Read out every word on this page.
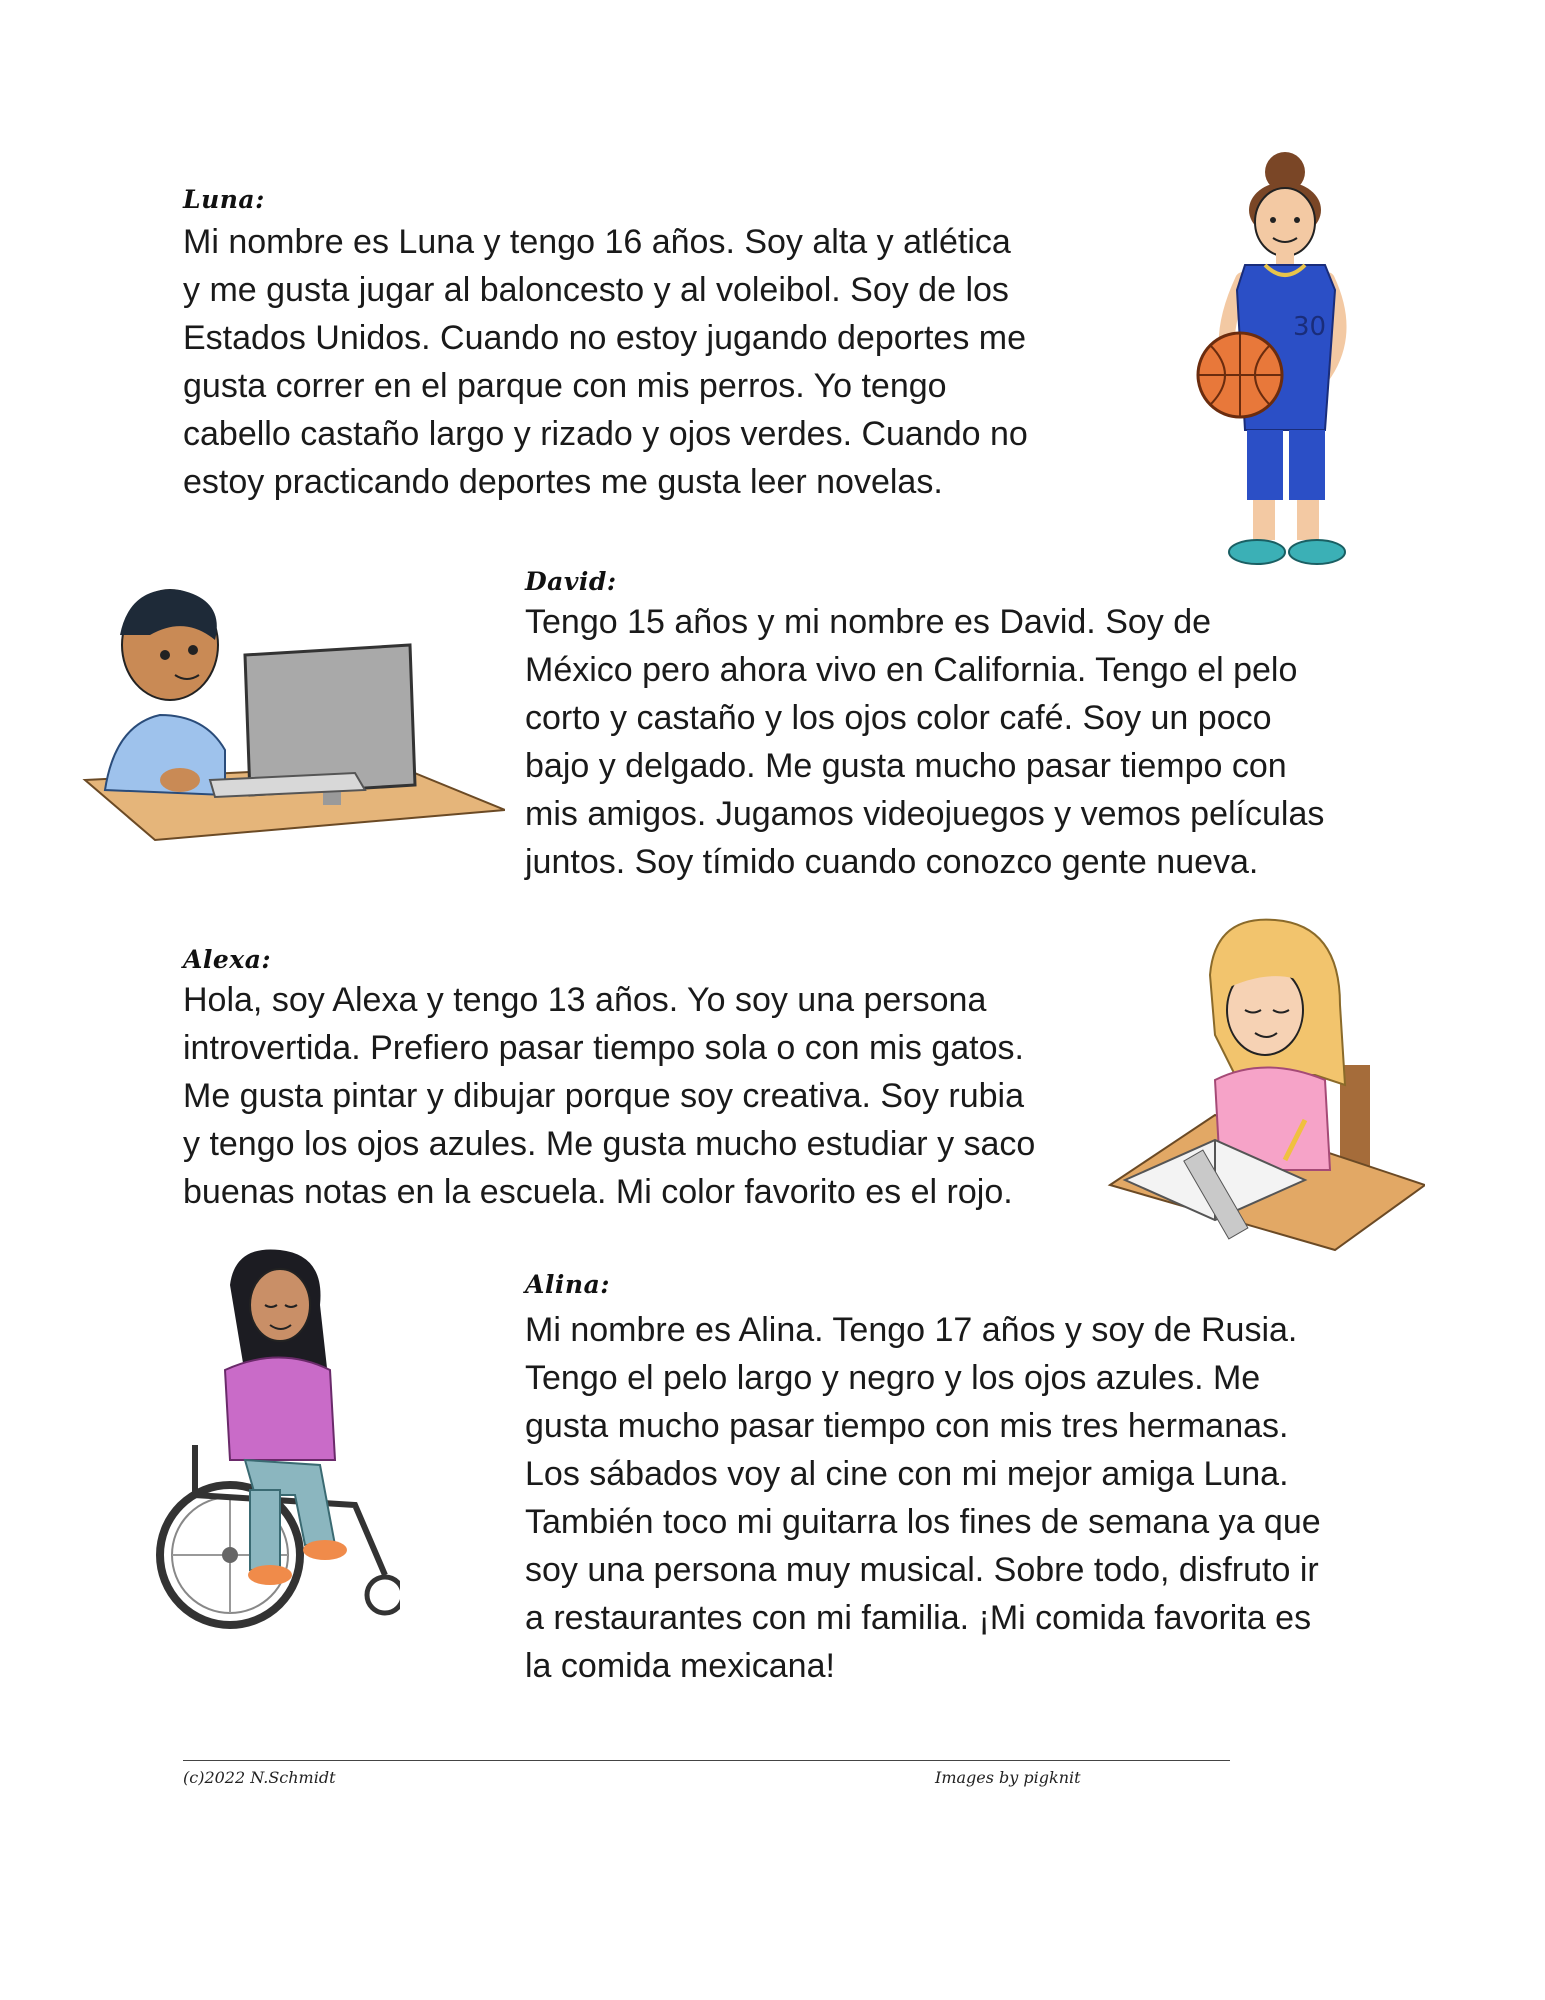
Luna:
Mi nombre es Luna y tengo 16 años. Soy alta y atlética
y me gusta jugar al baloncesto y al voleibol. Soy de los
Estados Unidos. Cuando no estoy jugando deportes me
gusta correr en el parque con mis perros. Yo tengo
cabello castaño largo y rizado y ojos verdes. Cuando no
estoy practicando deportes me gusta leer novelas.
30
David:
Tengo 15 años y mi nombre es David. Soy de
México pero ahora vivo en California. Tengo el pelo
corto y castaño y los ojos color café. Soy un poco
bajo y delgado. Me gusta mucho pasar tiempo con
mis amigos. Jugamos videojuegos y vemos películas
juntos. Soy tímido cuando conozco gente nueva.
Alexa:
Hola, soy Alexa y tengo 13 años. Yo soy una persona
introvertida. Prefiero pasar tiempo sola o con mis gatos.
Me gusta pintar y dibujar porque soy creativa. Soy rubia
y tengo los ojos azules. Me gusta mucho estudiar y saco
buenas notas en la escuela. Mi color favorito es el rojo.
Alina:
Mi nombre es Alina. Tengo 17 años y soy de Rusia.
Tengo el pelo largo y negro y los ojos azules. Me
gusta mucho pasar tiempo con mis tres hermanas.
Los sábados voy al cine con mi mejor amiga Luna.
También toco mi guitarra los fines de semana ya que
soy una persona muy musical. Sobre todo, disfruto ir
a restaurantes con mi familia. ¡Mi comida favorita es
la comida mexicana!
(c)2022 N.Schmidt	Images by pigknit
